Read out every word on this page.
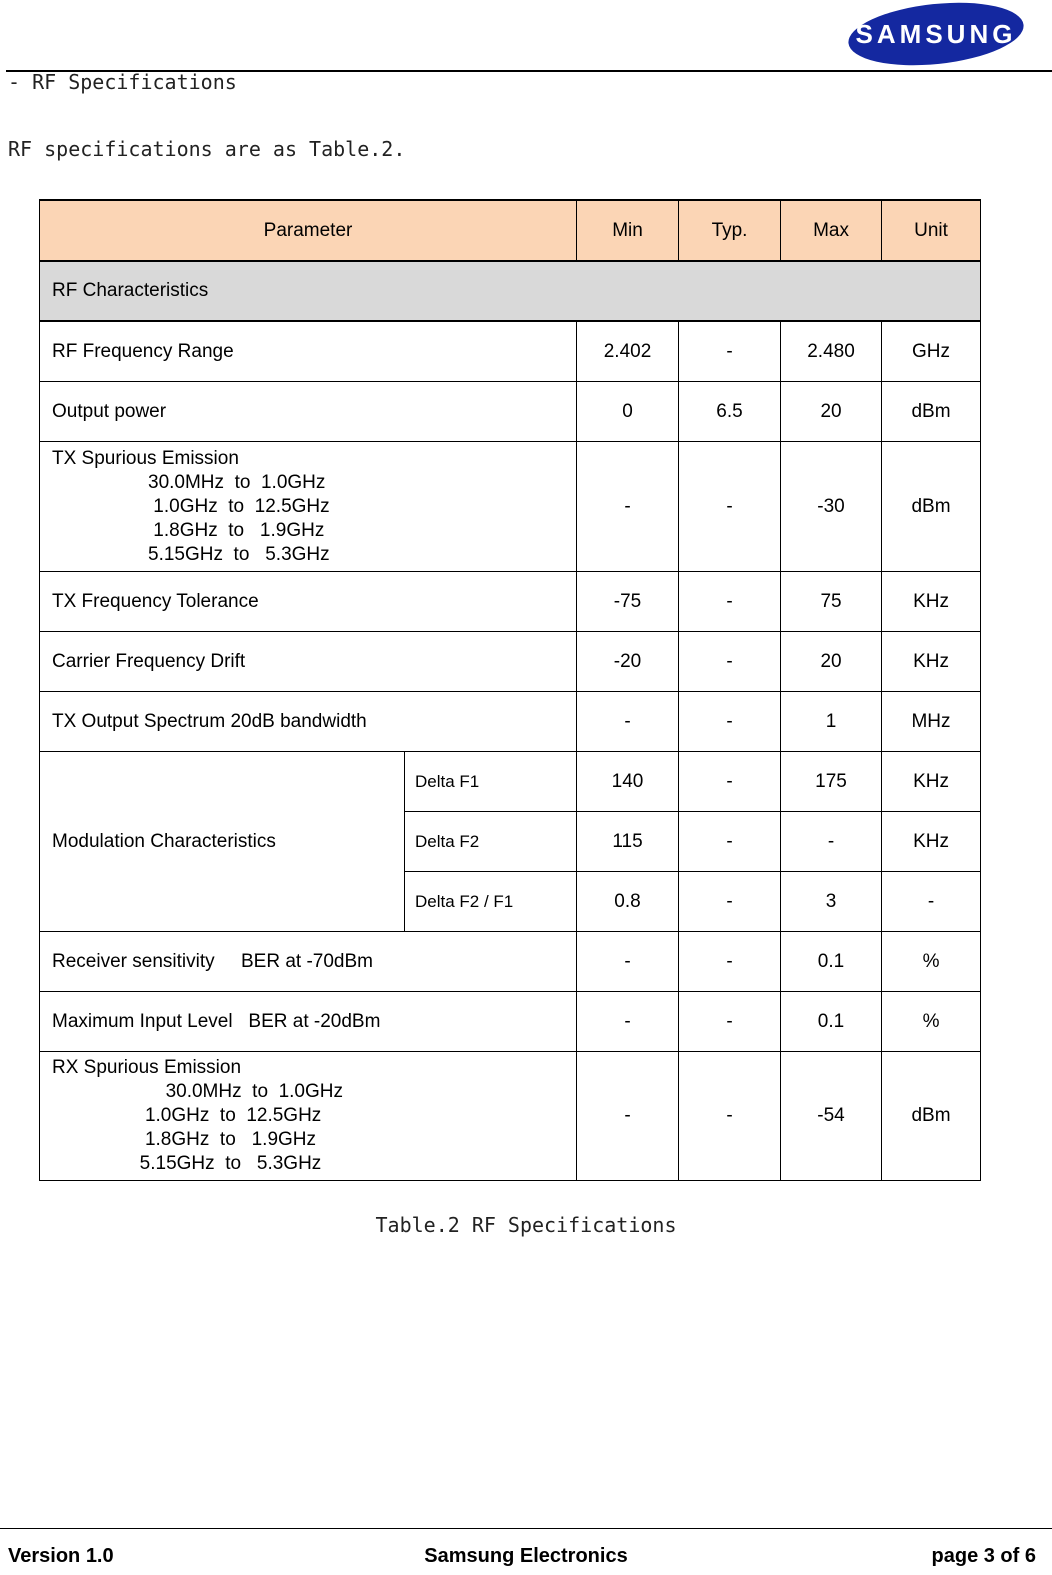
SAMSUNG
- RF Specifications
RF specifications are as Table.2.
Parameter		Min	Typ.	Max	Unit
RF Characteristics					
RF Frequency Range		2.402	-	2.480	GHz
Output power		0	6.5	20	dBm

TX Spurious Emission
30.0MHz  to  1.0GHz
1.0GHz  to  12.5GHz
1.8GHz  to   1.9GHz
5.15GHz  to   5.3GHz		-	-	-30	dBm
TX Frequency Tolerance		-75	-	75	KHz
Carrier Frequency Drift		-20	-	20	KHz
TX Output Spectrum 20dB bandwidth		-	-	1	MHz
Modulation Characteristics	Delta F1	140	-	175	KHz
	Delta F2	115	-	-	KHz
	Delta F2 / F1	0.8	-	3	-
Receiver sensitivity     BER at -70dBm		-	-	0.1	%
Maximum Input Level   BER at -20dBm		-	-	0.1	%

RX Spurious Emission
30.0MHz  to  1.0GHz
1.0GHz  to  12.5GHz
1.8GHz  to   1.9GHz
5.15GHz  to   5.3GHz		-	-	-54	dBm
Table.2 RF Specifications
Version 1.0	Samsung Electronics	page 3 of 6
